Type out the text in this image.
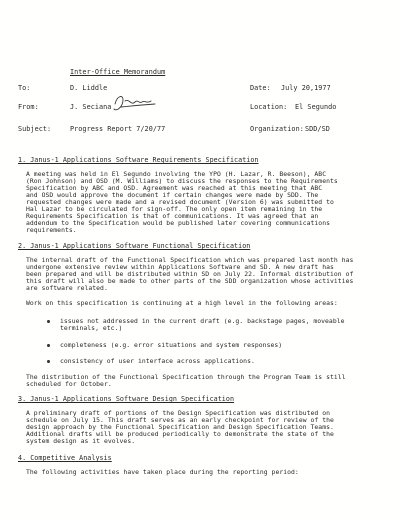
Inter-Office Memorandum
To:	D. Liddle	Date: July 20,1977
From:	J. Seciana	Location: El Segundo
Subject:	Progress Report 7/20/77	Organization: SDD/SD
1. Janus-1 Applications Software Requirements Specification
A meeting was held in El Segundo involving the YPO (H. Lazar, R. Beeson), ABC
(Ron Johnson) and OSD (M. Williams) to discuss the responses to the Requirements
Specification by ABC and OSD. Agreement was reached at this meeting that ABC
and OSD would approve the document if certain changes were made by SDD. The
requested changes were made and a revised document (Version 6) was submitted to
Hal Lazar to be circulated for sign-off. The only open item remaining in the
Requirements Specification is that of communications. It was agreed that an
addendum to the Specification would be published later covering communications
requirements.
2. Janus-1 Applications Software Functional Specification
The internal draft of the Functional Specification which was prepared last month has
undergone extensive review within Applications Software and SD. A new draft has
been prepared and will be distributed within SD on July 22. Informal distribution of
this draft will also be made to other parts of the SDD organization whose activities
are software related.
Work on this specification is continuing at a high level in the following areas:
issues not addressed in the current draft (e.g. backstage pages, moveable
terminals, etc.)
completeness (e.g. error situations and system responses)
consistency of user interface across applications.
The distribution of the Functional Specification through the Program Team is still
scheduled for October.
3. Janus-1 Applications Software Design Specification
A preliminary draft of portions of the Design Specification was distributed on
schedule on July 15. This draft serves as an early checkpoint for review of the
design approach by the Functional Specification and Design Specification Teams.
Additional drafts will be produced periodically to demonstrate the state of the
system design as it evolves.
4. Competitive Analysis
The following activities have taken place during the reporting period:
